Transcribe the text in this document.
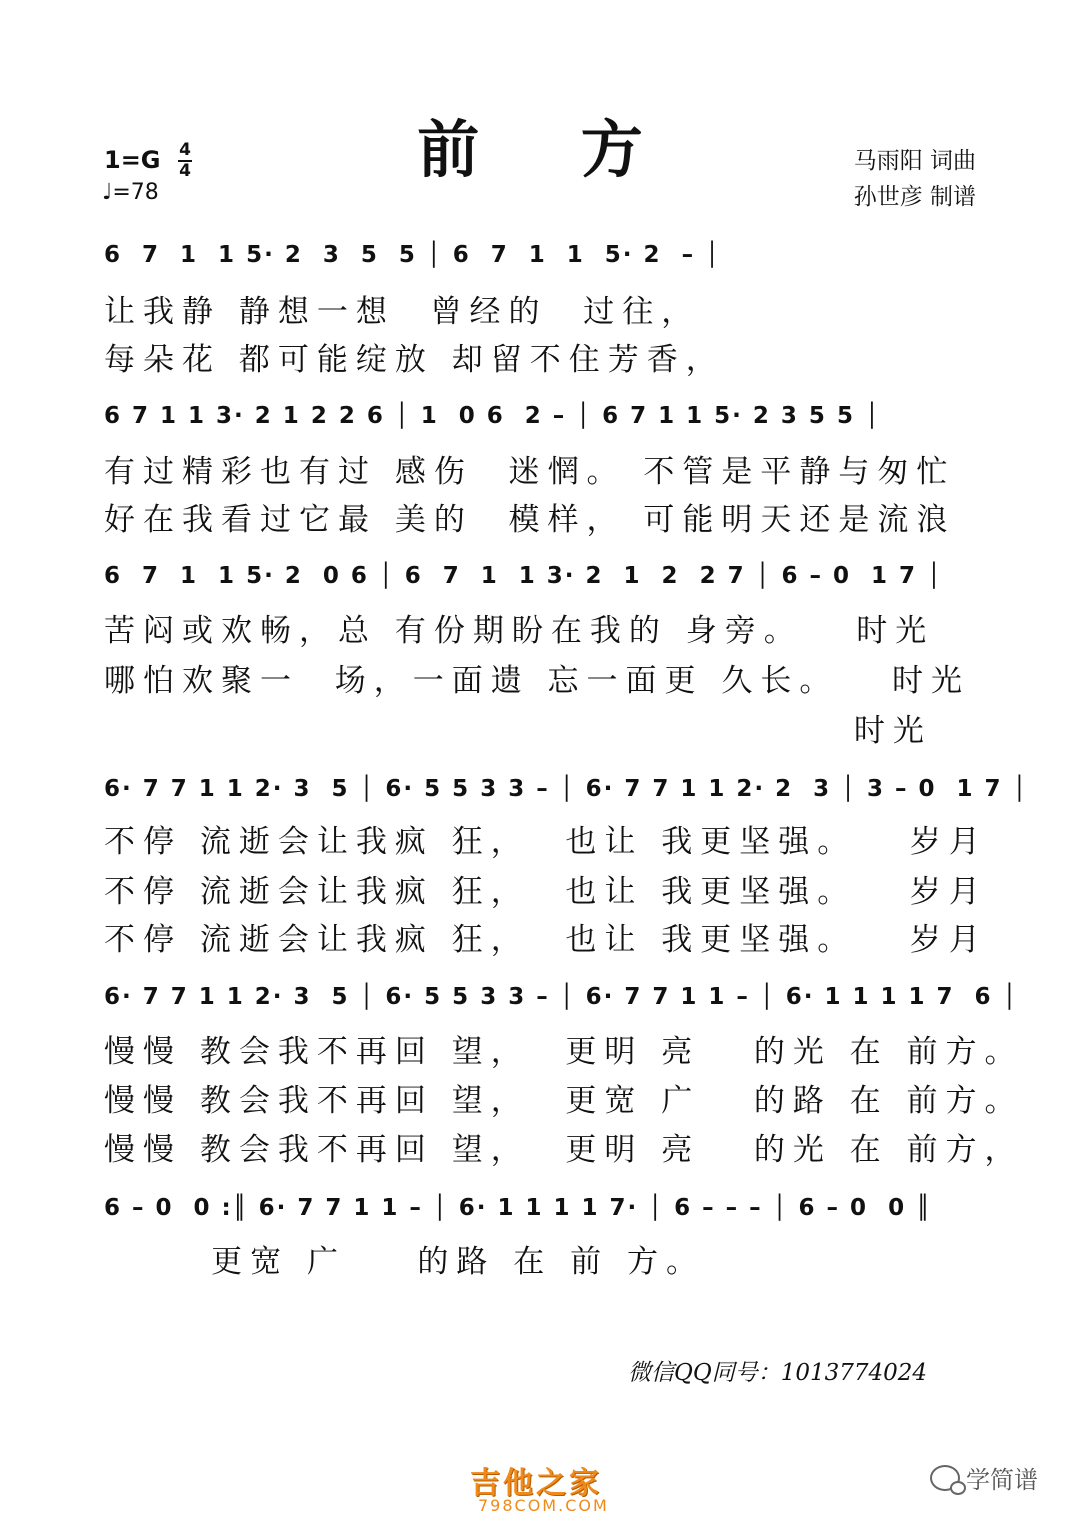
前 方
1=G 4
4
♩=78
马雨阳 词曲
孙世彦 制谱
6  7  1  1 5· 2  3  5  5 │ 6  7  1  1  5· 2  – │
让我静 静想一想  曾经的  过往，
每朵花 都可能绽放 却留不住芳香，
6 7 1 1 3· 2 1 2 2 6 │ 1  0 6  2 – │ 6 7 1 1 5· 2 3 5 5 │
有过精彩也有过 感伤  迷惘。 不管是平静与匆忙
好在我看过它最 美的  模样， 可能明天还是流浪
6  7  1  1 5· 2  0 6 │ 6  7  1  1 3· 2  1  2  2 7 │ 6 – 0  1 7 │
苦闷或欢畅，总 有份期盼在我的 身旁。   时光
哪怕欢聚一  场，一面遗 忘一面更 久长。   时光
时光
6· 7 7 1 1 2· 3  5 │ 6· 5 5 3 3 – │ 6· 7 7 1 1 2· 2  3 │ 3 – 0  1 7 │
不停 流逝会让我疯 狂，  也让 我更坚强。   岁月
不停 流逝会让我疯 狂，  也让 我更坚强。   岁月
不停 流逝会让我疯 狂，  也让 我更坚强。   岁月
6· 7 7 1 1 2· 3  5 │ 6· 5 5 3 3 – │ 6· 7 7 1 1 – │ 6· 1 1 1 1 7  6 │
慢慢 教会我不再回 望，  更明 亮   的光 在 前方。
慢慢 教会我不再回 望，  更宽 广   的路 在 前方。
慢慢 教会我不再回 望，  更明 亮   的光 在 前方，
6 – 0  0 :║ 6· 7 7 1 1 – │ 6· 1 1 1 1 7· │ 6 – – – │ 6 – 0  0 ║
更宽 广    的路 在 前 方。
微信QQ同号：1013774024
吉他之家
798COM.COM
学简谱
